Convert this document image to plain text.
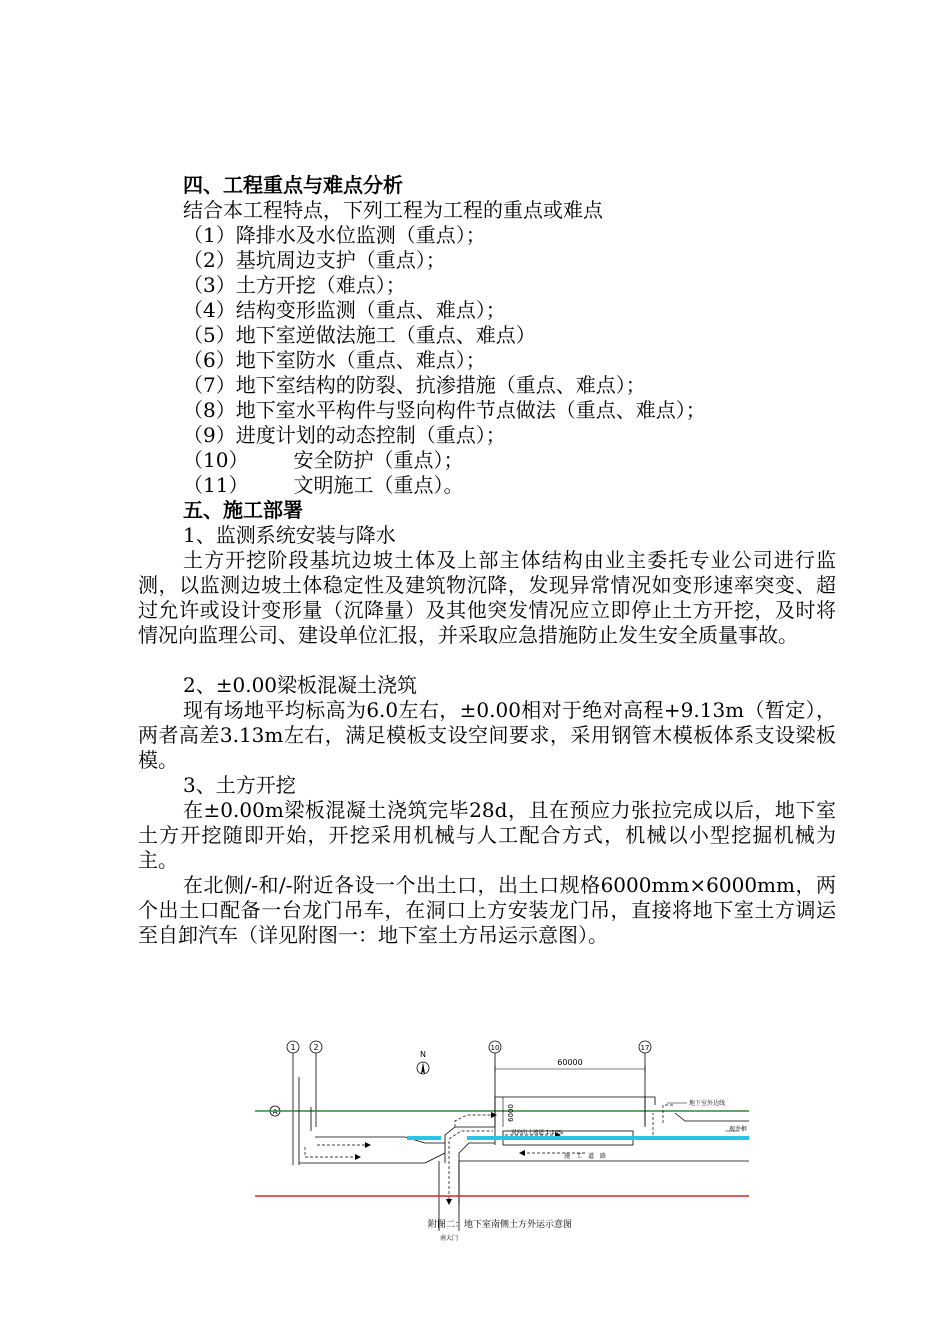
四、工程重点与难点分析
结合本工程特点，下列工程为工程的重点或难点
（1）降排水及水位监测（重点）；
（2）基坑周边支护（重点）；
（3）土方开挖（难点）；
（4）结构变形监测（重点、难点）；
（5）地下室逆做法施工（重点、难点）
（6）地下室防水（重点、难点）；
（7）地下室结构的防裂、抗渗措施（重点、难点）；
（8）地下室水平构件与竖向构件节点做法（重点、难点）；
（9）进度计划的动态控制（重点）；
（10） 安全防护（重点）；
（11） 文明施工（重点）。
五、施工部署
1、监测系统安装与降水
土方开挖阶段基坑边坡土体及上部主体结构由业主委托专业公司进行监测，以监测边坡土体稳定性及建筑物沉降，发现异常情况如变形速率突变、超过允许或设计变形量（沉降量）及其他突发情况应立即停止土方开挖，及时将情况向监理公司、建设单位汇报，并采取应急措施防止发生安全质量事故。
2、±0.00梁板混凝土浇筑
现有场地平均标高为6.0左右，±0.00相对于绝对高程+9.13m（暂定），两者高差3.13m左右，满足模板支设空间要求，采用钢管木模板体系支设梁板模。
3、土方开挖
在±0.00m梁板混凝土浇筑完毕28d，且在预应力张拉完成以后，地下室土方开挖随即开始，开挖采用机械与人工配合方式，机械以小型挖掘机械为主。
在北侧/-和/-附近各设一个出土口，出土口规格6000mm×6000mm，两个出土口配备一台龙门吊车，在洞口上方安装龙门吊，直接将地下室土方调运至自卸汽车（详见附图一：地下室土方吊运示意图）。
1 2	10	17
A
N
60000
6000
地下室外边线
观井框
双向出土坡道 1:10%
施　工　道　路
南大门
附图二：地下室南侧土方外运示意图
